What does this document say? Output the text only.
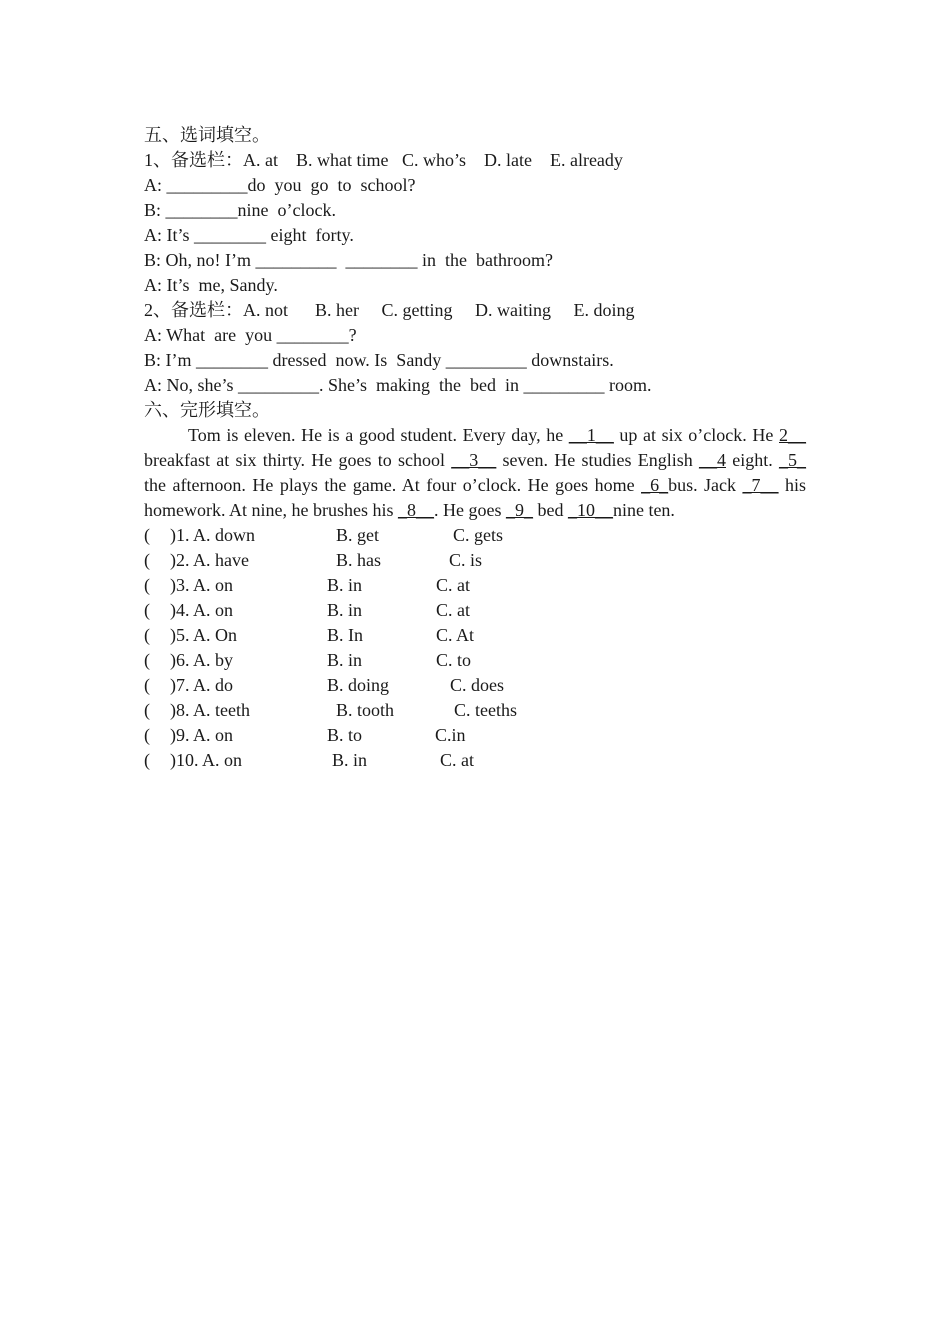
五、选词填空。
1、备选栏：A. at    B. what time   C. who’s    D. late    E. already
A: _________do  you  go  to  school?
B: ________nine  o’clock.
A: It’s ________ eight  forty.
B: Oh, no! I’m _________  ________ in  the  bathroom?
A: It’s  me, Sandy.
2、备选栏：A. not      B. her     C. getting     D. waiting     E. doing
A: What  are  you ________?
B: I’m ________ dressed  now. Is  Sandy _________ downstairs.
A: No, she’s _________. She’s  making  the  bed  in _________ room.
六、完形填空。
Tom is eleven. He is a good student. Every day, he __1__ up at six o’clock. He 2__ breakfast at six thirty. He goes to school __3__ seven. He studies English __4 eight. _5_ the afternoon. He plays the game. At four o’clock. He goes home _6_bus. Jack _7__ his homework. At nine, he brushes his _8__. He goes _9_ bed _10__nine ten.
( )1. A. down	B. get	C. gets
( )2. A. have	B. has	C. is
( )3. A. on	B. in	C. at
( )4. A. on	B. in	C. at
( )5. A. On	B. In	C. At
( )6. A. by	B. in	C. to
( )7. A. do	B. doing	C. does
( )8. A. teeth	B. tooth	C. teeths
( )9. A. on	B. to	C.in
( )10. A. on	B. in	C. at
